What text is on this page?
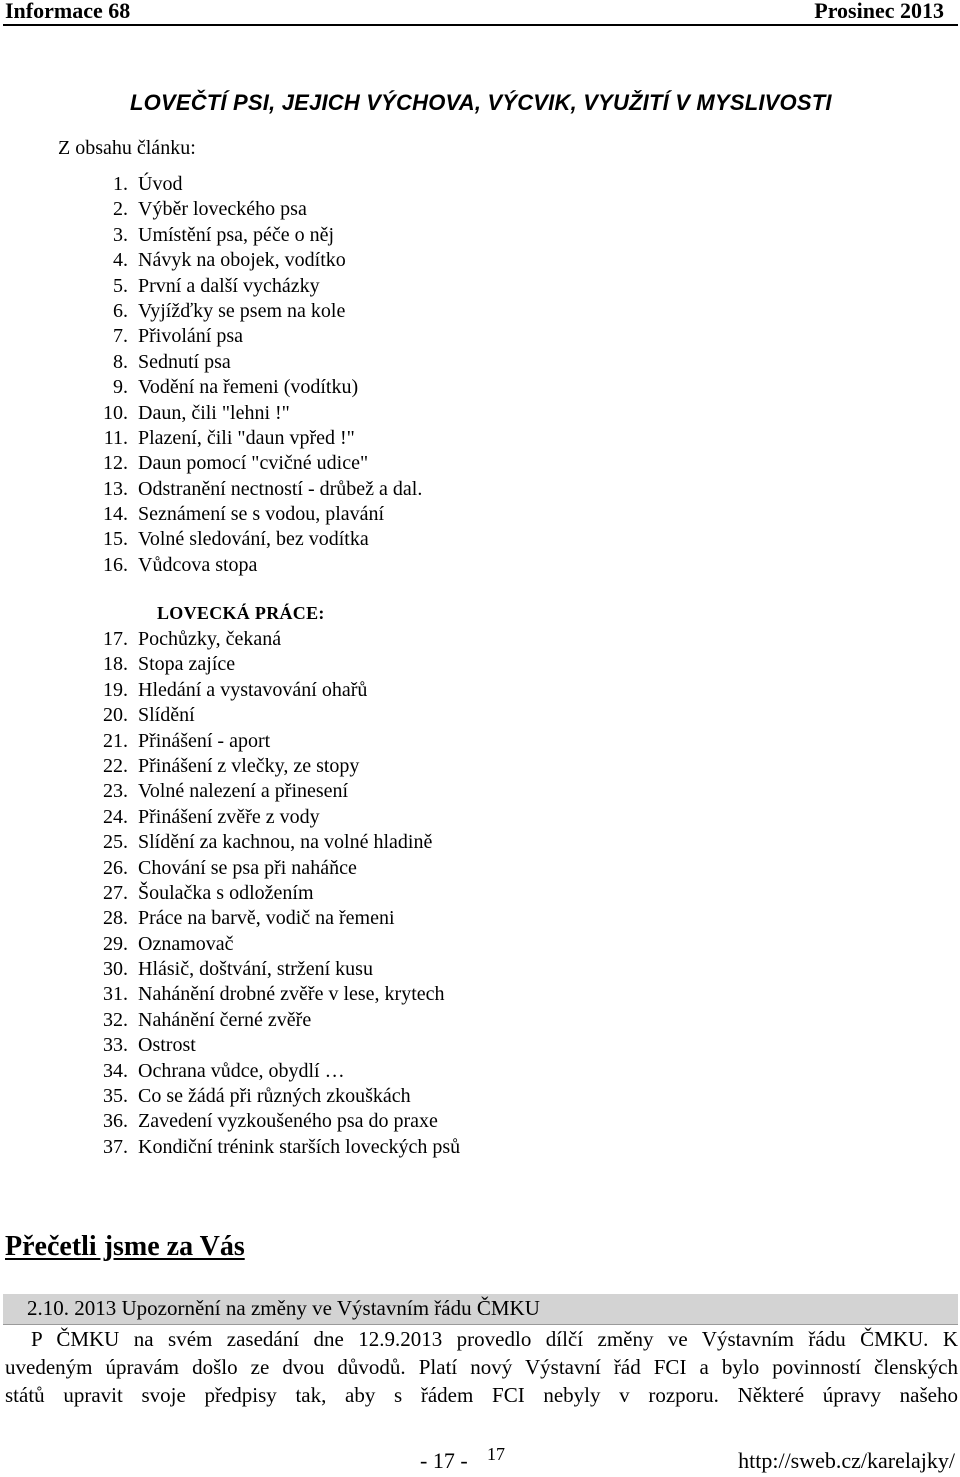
Informace 68	Prosinec 2013
LOVEČTÍ PSI, JEJICH VÝCHOVA, VÝCVIK, VYUŽITÍ V MYSLIVOSTI
Z obsahu článku:
1. Úvod
2. Výběr loveckého psa
3. Umístění psa, péče o něj
4. Návyk na obojek, vodítko
5. První a další vycházky
6. Vyjížďky se psem na kole
7. Přivolání psa
8. Sednutí psa
9. Vodění na řemeni (vodítku)
10. Daun, čili "lehni !"
11. Plazení, čili "daun vpřed !"
12. Daun pomocí "cvičné udice"
13. Odstranění nectností - drůbež a dal.
14. Seznámení se s vodou, plavání
15. Volné sledování, bez vodítka
16. Vůdcova stopa
LOVECKÁ PRÁCE:
17. Pochůzky, čekaná
18. Stopa zajíce
19. Hledání a vystavování ohařů
20. Slídění
21. Přinášení - aport
22. Přinášení z vlečky, ze stopy
23. Volné nalezení a přinesení
24. Přinášení zvěře z vody
25. Slídění za kachnou, na volné hladině
26. Chování se psa při naháňce
27. Šoulačka s odložením
28. Práce na barvě, vodič na řemeni
29. Oznamovač
30. Hlásič, doštvání, stržení kusu
31. Nahánění drobné zvěře v lese, krytech
32. Nahánění černé zvěře
33. Ostrost
34. Ochrana vůdce, obydlí …
35. Co se žádá při různých zkouškách
36. Zavedení vyzkoušeného psa do praxe
37. Kondiční trénink starších loveckých psů
Přečetli jsme za Vás
2.10. 2013 Upozornění na změny ve Výstavním řádu ČMKU
P ČMKU na svém zasedání dne 12.9.2013 provedlo dílčí změny ve Výstavním řádu ČMKU. K
uvedeným úpravám došlo ze dvou důvodů. Platí nový Výstavní řád FCI a bylo povinností členských
států upravit svoje předpisy tak, aby s řádem FCI nebyly v rozporu. Některé úpravy našeho
- 17 - 17	http://sweb.cz/karelajky/
